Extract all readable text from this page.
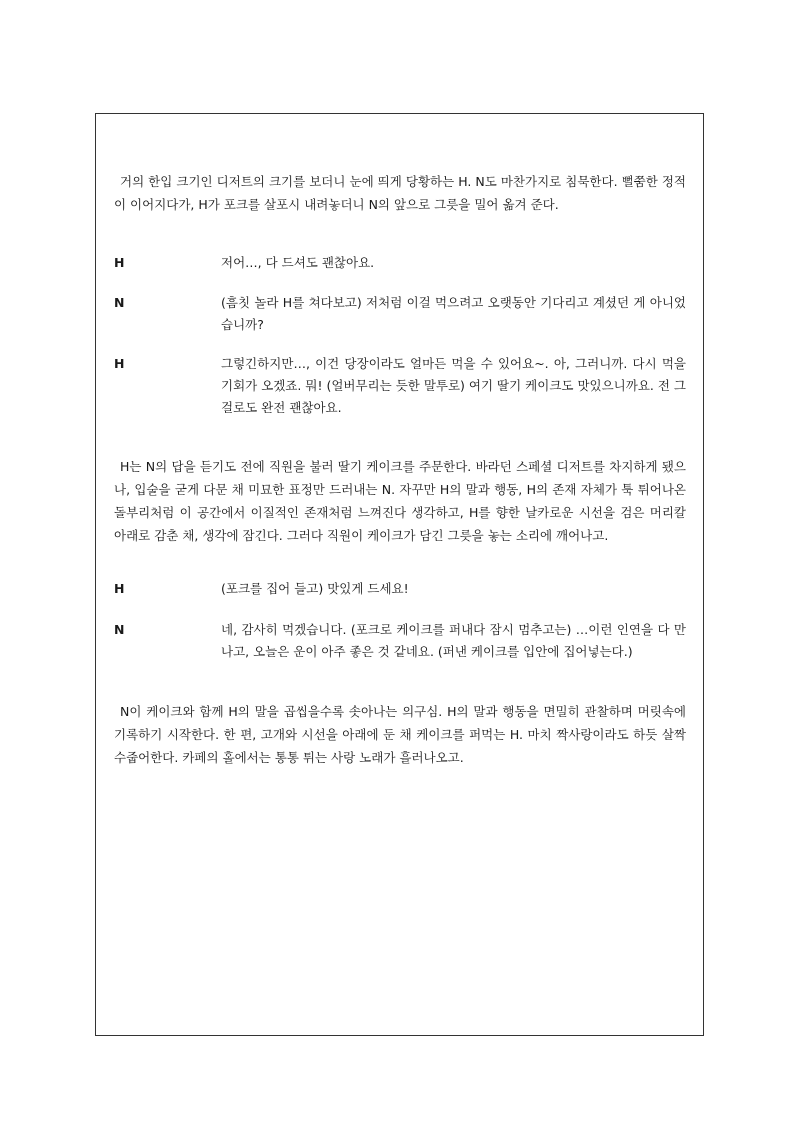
거의 한입 크기인 디저트의 크기를 보더니 눈에 띄게 당황하는 H. N도 마찬가지로 침묵한다. 뻘쭘한 정적이 이어지다가, H가 포크를 살포시 내려놓더니 N의 앞으로 그릇을 밀어 옮겨 준다.

H	저어…, 다 드셔도 괜찮아요.
N	(흠칫 놀라 H를 쳐다보고) 저처럼 이걸 먹으려고 오랫동안 기다리고 계셨던 게 아니었습니까?
H	그렇긴하지만…, 이건 당장이라도 얼마든 먹을 수 있어요~. 아, 그러니까. 다시 먹을 기회가 오겠죠. 뭐! (얼버무리는 듯한 말투로) 여기 딸기 케이크도 맛있으니까요. 전 그걸로도 완전 괜찮아요.

H는 N의 답을 듣기도 전에 직원을 불러 딸기 케이크를 주문한다. 바라던 스페셜 디저트를 차지하게 됐으나, 입술을 굳게 다문 채 미묘한 표정만 드러내는 N. 자꾸만 H의 말과 행동, H의 존재 자체가 툭 튀어나온 돌부리처럼 이 공간에서 이질적인 존재처럼 느껴진다 생각하고, H를 향한 날카로운 시선을 검은 머리칼 아래로 감춘 채, 생각에 잠긴다. 그러다 직원이 케이크가 담긴 그릇을 놓는 소리에 깨어나고.

H	(포크를 집어 들고) 맛있게 드세요!
N	네, 감사히 먹겠습니다. (포크로 케이크를 퍼내다 잠시 멈추고는) …이런 인연을 다 만나고, 오늘은 운이 아주 좋은 것 같네요. (퍼낸 케이크를 입안에 집어넣는다.)

N이 케이크와 함께 H의 말을 곱씹을수록 솟아나는 의구심. H의 말과 행동을 면밀히 관찰하며 머릿속에 기록하기 시작한다. 한 편, 고개와 시선을 아래에 둔 채 케이크를 퍼먹는 H. 마치 짝사랑이라도 하듯 살짝 수줍어한다. 카페의 홀에서는 통통 튀는 사랑 노래가 흘러나오고.
